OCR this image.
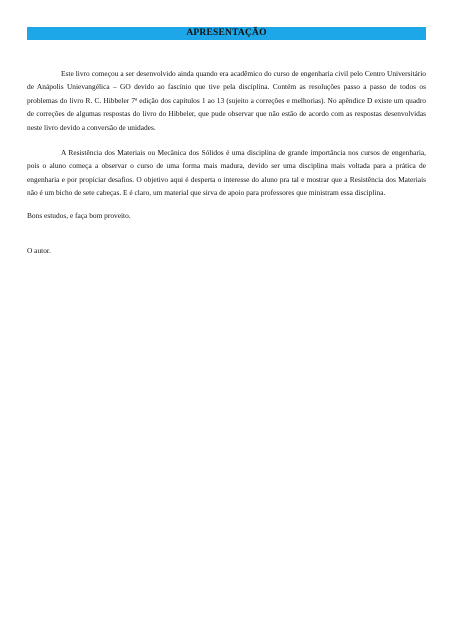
APRESENTAÇÃO

Este livro começou a ser desenvolvido ainda quando era acadêmico do curso de engenharia civil pelo Centro Universitário de Anápolis Unievangélica – GO devido ao fascínio que tive pela disciplina. Contém as resoluções passo a passo de todos os problemas do livro R. C. Hibbeler 7ª edição dos capítulos 1 ao 13 (sujeito a correções e melhorias). No apêndice D existe um quadro de correções de algumas respostas do livro do Hibbeler, que pude observar que não estão de acordo com as respostas desenvolvidas neste livro devido a conversão de unidades.

A Resistência dos Materiais ou Mecânica dos Sólidos é uma disciplina de grande importância nos cursos de engenharia, pois o aluno começa a observar o curso de uma forma mais madura, devido ser uma disciplina mais voltada para a prática de engenharia e por propiciar desafios. O objetivo aqui é desperta o interesse do aluno pra tal e mostrar que a Resistência dos Materiais não é um bicho de sete cabeças. E é claro, um material que sirva de apoio para professores que ministram essa disciplina.

Bons estudos, e faça bom proveito.

O autor.
